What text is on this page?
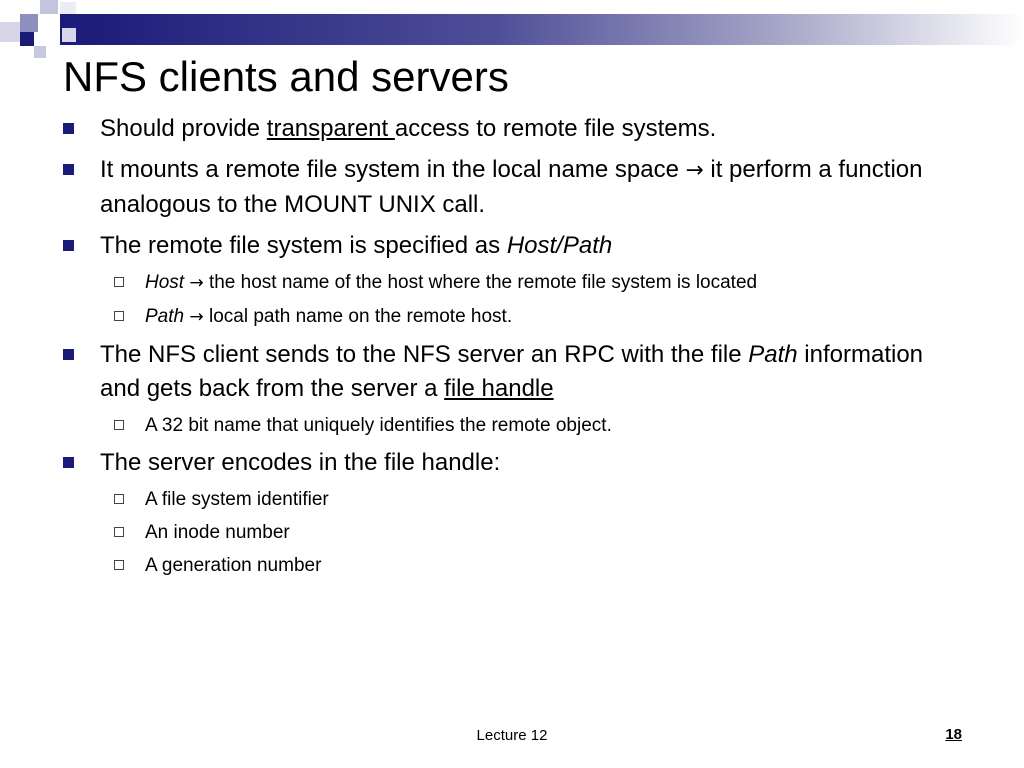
NFS clients and servers
Should provide transparent access to remote file systems.
It mounts a remote file system in the local name space → it perform a function analogous to the MOUNT UNIX call.
The remote file system is specified as Host/Path
Host → the host name of the host where the remote file system is located
Path → local path name on the remote host.
The NFS client sends to the NFS server an RPC with the file Path information and gets back from the server a file handle
A 32 bit name that uniquely identifies the remote object.
The server encodes in the file handle:
A file system identifier
An inode number
A generation number
Lecture 12	18
